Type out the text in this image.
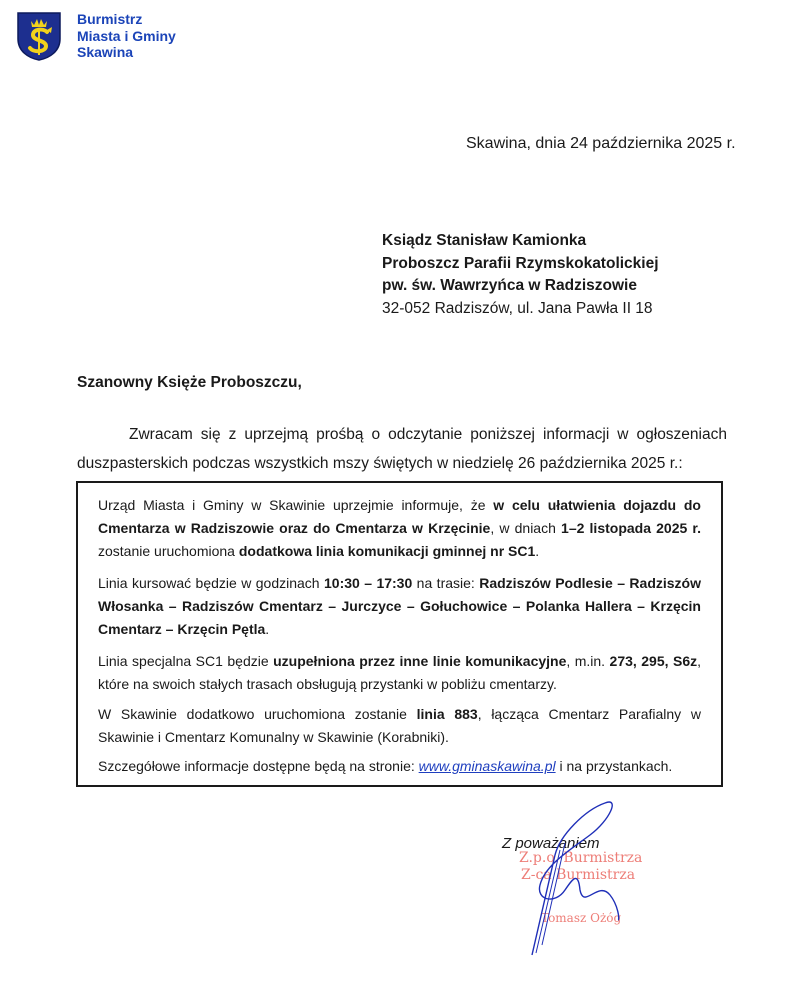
Burmistrz
Miasta i Gminy
Skawina
Skawina, dnia 24 października 2025 r.
Ksiądz Stanisław Kamionka
Proboszcz Parafii Rzymskokatolickiej
pw. św. Wawrzyńca w Radziszowie
32-052 Radziszów, ul. Jana Pawła II 18
Szanowny Księże Proboszczu,
Zwracam się z uprzejmą prośbą o odczytanie poniższej informacji w ogłoszeniach duszpasterskich podczas wszystkich mszy świętych w niedzielę 26 października 2025 r.:
Urząd Miasta i Gminy w Skawinie uprzejmie informuje, że w celu ułatwienia dojazdu do Cmentarza w Radziszowie oraz do Cmentarza w Krzęcinie, w dniach 1–2 listopada 2025 r. zostanie uruchomiona dodatkowa linia komunikacji gminnej nr SC1.
Linia kursować będzie w godzinach 10:30 – 17:30 na trasie: Radziszów Podlesie – Radziszów Włosanka – Radziszów Cmentarz – Jurczyce – Gołuchowice – Polanka Hallera – Krzęcin Cmentarz – Krzęcin Pętla.
Linia specjalna SC1 będzie uzupełniona przez inne linie komunikacyjne, m.in. 273, 295, S6z, które na swoich stałych trasach obsługują przystanki w pobliżu cmentarzy.
W Skawinie dodatkowo uruchomiona zostanie linia 883, łącząca Cmentarz Parafialny w Skawinie i Cmentarz Komunalny w Skawinie (Korabniki).
Szczegółowe informacje dostępne będą na stronie: www.gminaskawina.pl i na przystankach.
Z poważaniem
Z.p.o. Burmistrza
Z-ca Burmistrza
Tomasz Ożóg
